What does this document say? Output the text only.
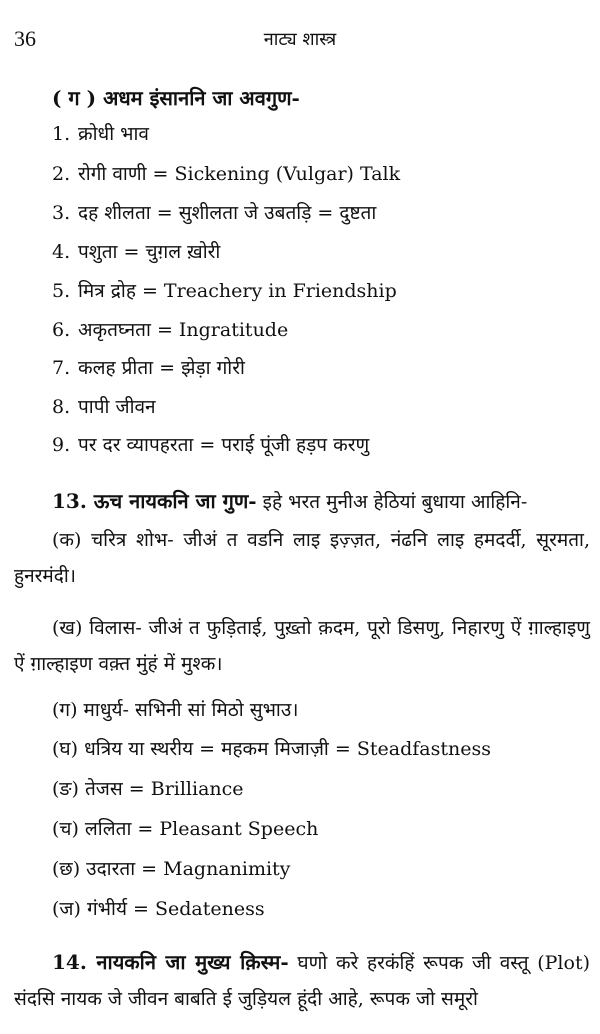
36	नाट्य शास्त्र
( ग ) अधम इंसाननि जा अवगुण-
1. क्रोधी भाव
2. रोगी वाणी = Sickening (Vulgar) Talk
3. दह शीलता = सुशीलता जे उबतड़ि = दुष्टता
4. पशुता = चुग़ल ख़ोरी
5. मित्र द्रोह = Treachery in Friendship
6. अकृतघ्नता = Ingratitude
7. कलह प्रीता = झेड़ा गोरी
8. पापी जीवन
9. पर दर व्यापहरता = पराई पूंजी हड़प करणु
13. ऊच नायकनि जा गुण- इहे भरत मुनीअ हेठियां बुधाया आहिनि-
(क) चरित्र शोभ- जीअं त वडनि लाइ इज़्ज़त, नंढनि लाइ हमदर्दी, सूरमता, हुनरमंदी।
(ख) विलास- जीअं त फुड़िताई, पुख़्तो क़दम, पूरो डिसणु, निहारणु ऐं ग़ाल्हाइणु ऐं ग़ाल्हाइण वक़्त मुंहं में मुश्क।
(ग) माधुर्य- सभिनी सां मिठो सुभाउ।
(घ) धत्रिय या स्थरीय = महकम मिजाज़ी = Steadfastness
(ङ) तेजस = Brilliance
(च) ललिता = Pleasant Speech
(छ) उदारता = Magnanimity
(ज) गंभीर्य = Sedateness
14. नायकनि जा मुख्य क़िस्म- घणो करे हरकंहिं रूपक जी वस्तू (Plot) संदसि नायक जे जीवन बाबति ई जुड़ियल हूंदी आहे, रूपक जो समूरो
